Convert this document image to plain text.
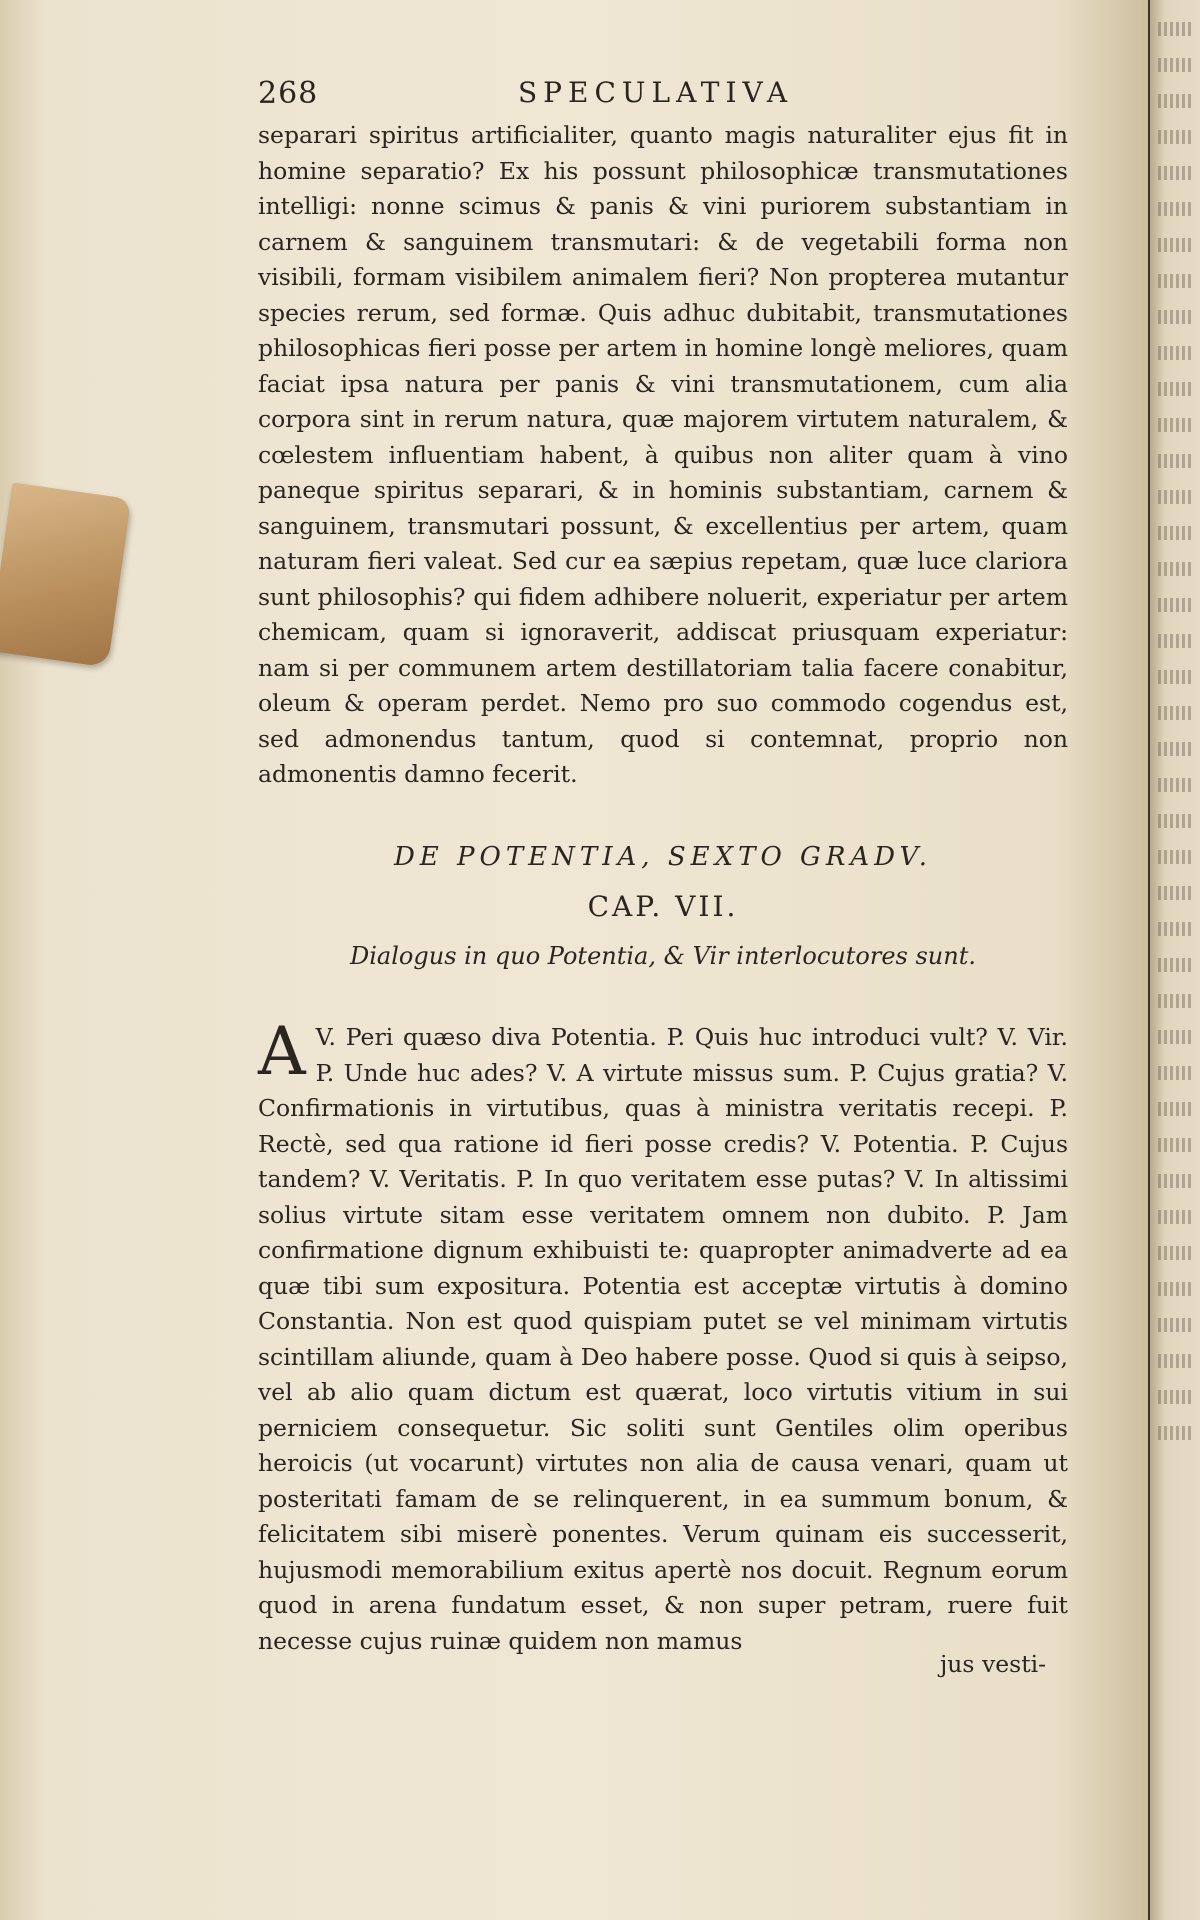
268	SPECULATIVA
separari spiritus artificialiter, quanto magis naturaliter ejus fit in homine separatio? Ex his possunt philosophicæ transmutationes intelligi: nonne scimus & panis & vini puriorem substantiam in carnem & sanguinem transmutari: & de vegetabili forma non visibili, formam visibilem animalem fieri? Non propterea mutantur species rerum, sed formæ. Quis adhuc dubitabit, transmutationes philosophicas fieri posse per artem in homine longè meliores, quam faciat ipsa natura per panis & vini transmutationem, cum alia corpora sint in rerum natura, quæ majorem virtutem naturalem, & cœlestem influentiam habent, à quibus non aliter quam à vino paneque spiritus separari, & in hominis substantiam, carnem & sanguinem, transmutari possunt, & excellentius per artem, quam naturam fieri valeat. Sed cur ea sæpius repetam, quæ luce clariora sunt philosophis? qui fidem adhibere noluerit, experiatur per artem chemicam, quam si ignoraverit, addiscat priusquam experiatur: nam si per communem artem destillatoriam talia facere conabitur, oleum & operam perdet. Nemo pro suo commodo cogendus est, sed admonendus tantum, quod si contemnat, proprio non admonentis damno fecerit.
DE POTENTIA, SEXTO GRADV.
CAP. VII.
Dialogus in quo Potentia, & Vir interlocutores sunt.
V.
A Peri quæso diva Potentia. P. Quis huc introduci vult? V. Vir. P. Unde huc ades? V. A virtute missus sum. P. Cujus gratia? V. Confirmationis in virtutibus, quas à ministra veritatis recepi. P. Rectè, sed qua ratione id fieri posse credis? V. Potentia. P. Cujus tandem? V. Veritatis. P. In quo veritatem esse putas? V. In altissimi solius virtute sitam esse veritatem omnem non dubito. P. Jam confirmatione dignum exhibuisti te: quapropter animadverte ad ea quæ tibi sum expositura. Potentia est acceptæ virtutis à domino Constantia. Non est quod quispiam putet se vel minimam virtutis scintillam aliunde, quam à Deo habere posse. Quod si quis à seipso, vel ab alio quam dictum est quærat, loco virtutis vitium in sui perniciem consequetur. Sic soliti sunt Gentiles olim operibus heroicis (ut vocarunt) virtutes non alia de causa venari, quam ut posteritati famam de se relinquerent, in ea summum bonum, & felicitatem sibi miserè ponentes. Verum quinam eis successerit, hujusmodi memorabilium exitus apertè nos docuit. Regnum eorum quod in arena fundatum esset, & non super petram, ruere fuit necesse cujus ruinæ quidem non mamus
jus vesti-
